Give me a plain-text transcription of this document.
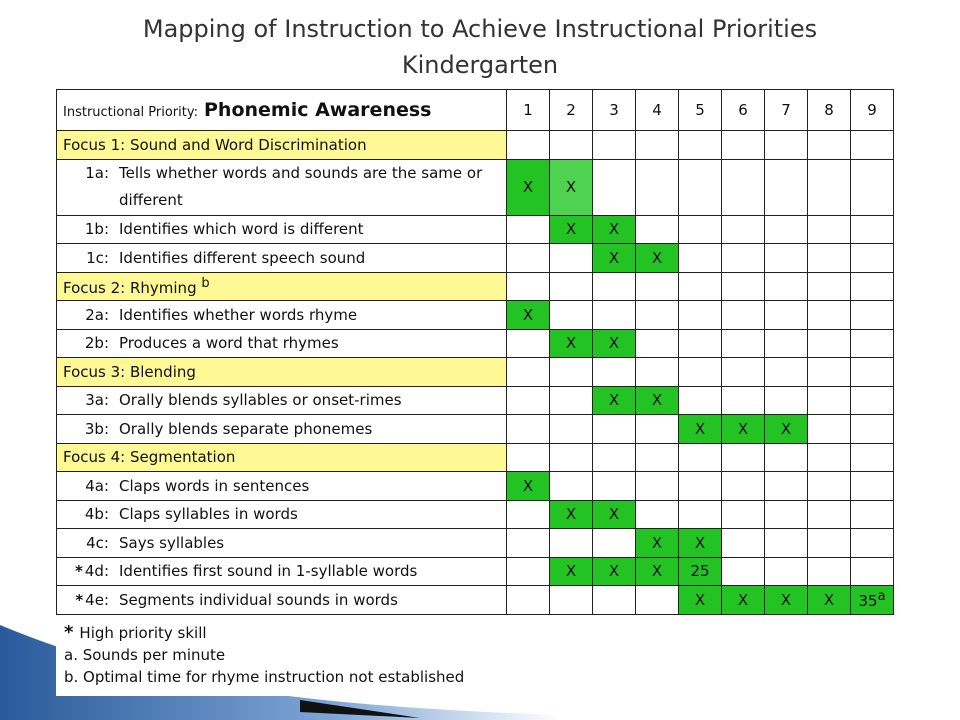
Mapping of Instruction to Achieve Instructional Priorities
Kindergarten
Instructional Priority: Phonemic Awareness	1	2	3	4	5	6	7	8	9
Focus 1: Sound and Word Discrimination									

1a: Tells whether words and sounds are the same or different	X	X							
1b: Identifies which word is different		X	X						
1c: Identifies different speech sound			X	X					
Focus 2: Rhyming $^b$									
2a: Identifies whether words rhyme	X								
2b: Produces a word that rhymes		X	X						
Focus 3: Blending									
3a: Orally blends syllables or onset-rimes			X	X					
3b: Orally blends separate phonemes					X	X	X		
Focus 4: Segmentation									
4a: Claps words in sentences	X								
4b: Claps syllables in words		X	X						
4c: Says syllables				X	X				
* 4d: Identifies first sound in 1-syllable words		X	X	X	25				
* 4e: Segments individual sounds in words					X	X	X	X	35$^a$
* High priority skill
a. Sounds per minute
b. Optimal time for rhyme instruction not established
